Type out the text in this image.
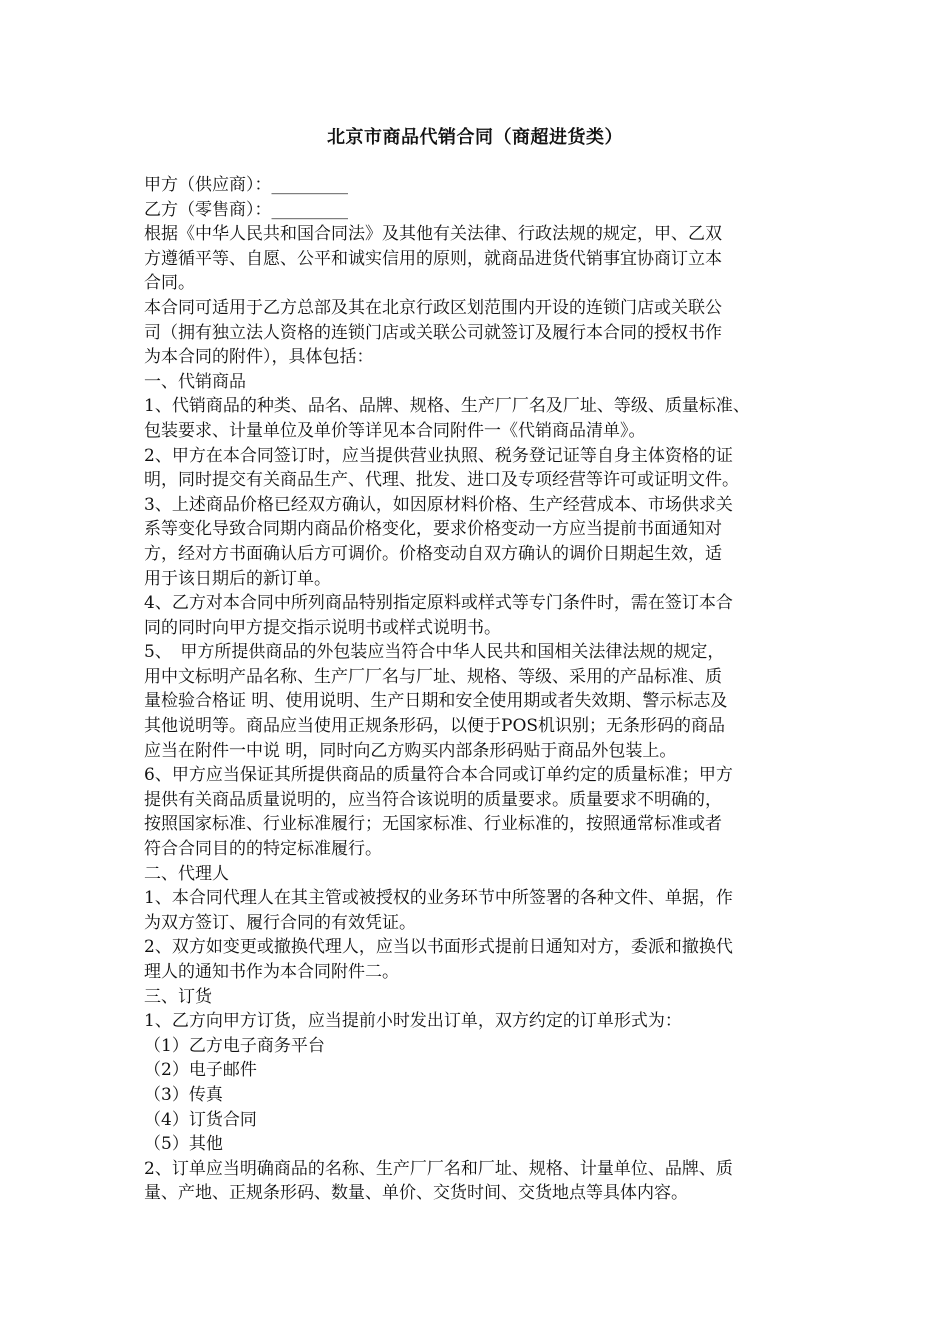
北京市商品代销合同（商超进货类）
甲方（供应商）：_________
乙方（零售商）：_________
根据《中华人民共和国合同法》及其他有关法律、行政法规的规定，甲、乙双
方遵循平等、自愿、公平和诚实信用的原则，就商品进货代销事宜协商订立本
合同。
本合同可适用于乙方总部及其在北京行政区划范围内开设的连锁门店或关联公
司（拥有独立法人资格的连锁门店或关联公司就签订及履行本合同的授权书作
为本合同的附件），具体包括：
一、代销商品
1、代销商品的种类、品名、品牌、规格、生产厂厂名及厂址、等级、质量标准、
包装要求、计量单位及单价等详见本合同附件一《代销商品清单》。
2、甲方在本合同签订时，应当提供营业执照、税务登记证等自身主体资格的证
明，同时提交有关商品生产、代理、批发、进口及专项经营等许可或证明文件。
3、上述商品价格已经双方确认，如因原材料价格、生产经营成本、市场供求关
系等变化导致合同期内商品价格变化，要求价格变动一方应当提前书面通知对
方，经对方书面确认后方可调价。价格变动自双方确认的调价日期起生效，适
用于该日期后的新订单。
4、乙方对本合同中所列商品特别指定原料或样式等专门条件时，需在签订本合
同的同时向甲方提交指示说明书或样式说明书。
5、　甲方所提供商品的外包装应当符合中华人民共和国相关法律法规的规定，
用中文标明产品名称、生产厂厂名与厂址、规格、等级、采用的产品标准、质
量检验合格证 明、使用说明、生产日期和安全使用期或者失效期、警示标志及
其他说明等。商品应当使用正规条形码，以便于POS机识别；无条形码的商品
应当在附件一中说 明，同时向乙方购买内部条形码贴于商品外包装上。
6、甲方应当保证其所提供商品的质量符合本合同或订单约定的质量标准；甲方
提供有关商品质量说明的，应当符合该说明的质量要求。质量要求不明确的，
按照国家标准、行业标准履行；无国家标准、行业标准的，按照通常标准或者
符合合同目的的特定标准履行。
二、代理人
1、本合同代理人在其主管或被授权的业务环节中所签署的各种文件、单据，作
为双方签订、履行合同的有效凭证。
2、双方如变更或撤换代理人，应当以书面形式提前日通知对方，委派和撤换代
理人的通知书作为本合同附件二。
三、订货
1、乙方向甲方订货，应当提前小时发出订单，双方约定的订单形式为：
（1）乙方电子商务平台
（2）电子邮件
（3）传真
（4）订货合同
（5）其他
2、订单应当明确商品的名称、生产厂厂名和厂址、规格、计量单位、品牌、质
量、产地、正规条形码、数量、单价、交货时间、交货地点等具体内容。
